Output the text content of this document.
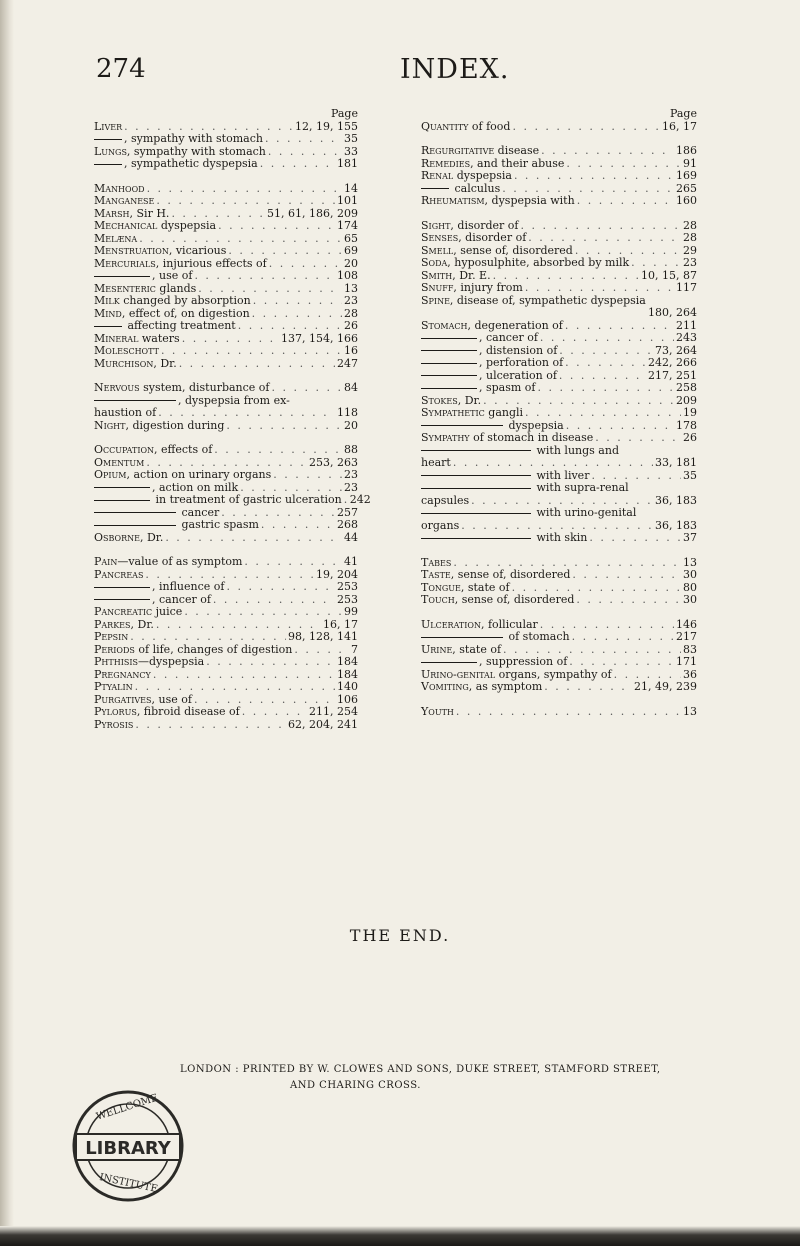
274	INDEX.
Page
Liver . . .	12, 19, 155
, sympathy with stomach . . .	35
Lungs, sympathy with stomach . . .	33
, sympathetic dyspepsia . . .	181
Manhood . . .	14
Manganese . . .	101
Marsh, Sir H. . . .	51, 61, 186, 209
Mechanical dyspepsia . . .	174
Melæna . . .	65
Menstruation, vicarious . . .	69
Mercurials, injurious effects of . . .	20
, use of . . .	108
Mesenteric glands . . .	13
Milk changed by absorption . . .	23
Mind, effect of, on digestion . . .	28
affecting treatment . . .	26
Mineral waters . . .	137, 154, 166
Moleschott . . .	16
Murchison, Dr. . . .	247
Nervous system, disturbance of . . .	84
, dyspepsia from ex-
haustion of . . .	118
Night, digestion during . . .	20
Occupation, effects of . . .	88
Omentum . . .	253, 263
Opium, action on urinary organs . . .	23
, action on milk . . .	23
in treatment of gastric ulceration . . . 242
cancer . . .	257
gastric spasm . . .	268
Osborne, Dr. . . .	44
Pain—value of as symptom . . .	41
Pancreas . . .	19, 204
, influence of . . .	253
, cancer of . . .	253
Pancreatic juice . . .	99
Parkes, Dr. . . .	16, 17
Pepsin . . .	98, 128, 141
Periods of life, changes of digestion . . .	7
Phthisis—dyspepsia . . .	184
Pregnancy . . .	184
Ptyalin . . .	140
Purgatives, use of . . .	106
Pylorus, fibroid disease of . . .	211, 254
Pyrosis . . .	62, 204, 241
Page
Quantity of food . . .	16, 17
Regurgitative disease . . .	186
Remedies, and their abuse . . .	91
Renal dyspepsia . . .	169
calculus . . .	265
Rheumatism, dyspepsia with . . .	160
Sight, disorder of . . .	28
Senses, disorder of . . .	28
Smell, sense of, disordered . . .	29
Soda, hyposulphite, absorbed by milk . . .	23
Smith, Dr. E. . . .	10, 15, 87
Snuff, injury from . . .	117
Spine, disease of, sympathetic dyspepsia
180, 264
Stomach, degeneration of . . .	211
, cancer of . . .	243
, distension of . . .	73, 264
, perforation of . . .	242, 266
, ulceration of . . .	217, 251
, spasm of . . .	258
Stokes, Dr. . . .	209
Sympathetic gangli . . .	19
dyspepsia . . .	178
Sympathy of stomach in disease . . .	26
with lungs and
heart . . .	33, 181
with liver . . .	35
with supra-renal
capsules . . .	36, 183
with urino-genital
organs . . .	36, 183
with skin . . .	37
Tabes . . .	13
Taste, sense of, disordered . . .	30
Tongue, state of . . .	80
Touch, sense of, disordered . . .	30
Ulceration, follicular . . .	146
of stomach . . .	217
Urine, state of . . .	83
, suppression of . . .	171
Urino-genital organs, sympathy of . . .	36
Vomiting, as symptom . . .	21, 49, 239
Youth . . .	13
THE END.
LONDON : PRINTED BY W. CLOWES AND SONS, DUKE STREET, STAMFORD STREET,
AND CHARING CROSS.
WELLCOME
LIBRARY
INSTITUTE
